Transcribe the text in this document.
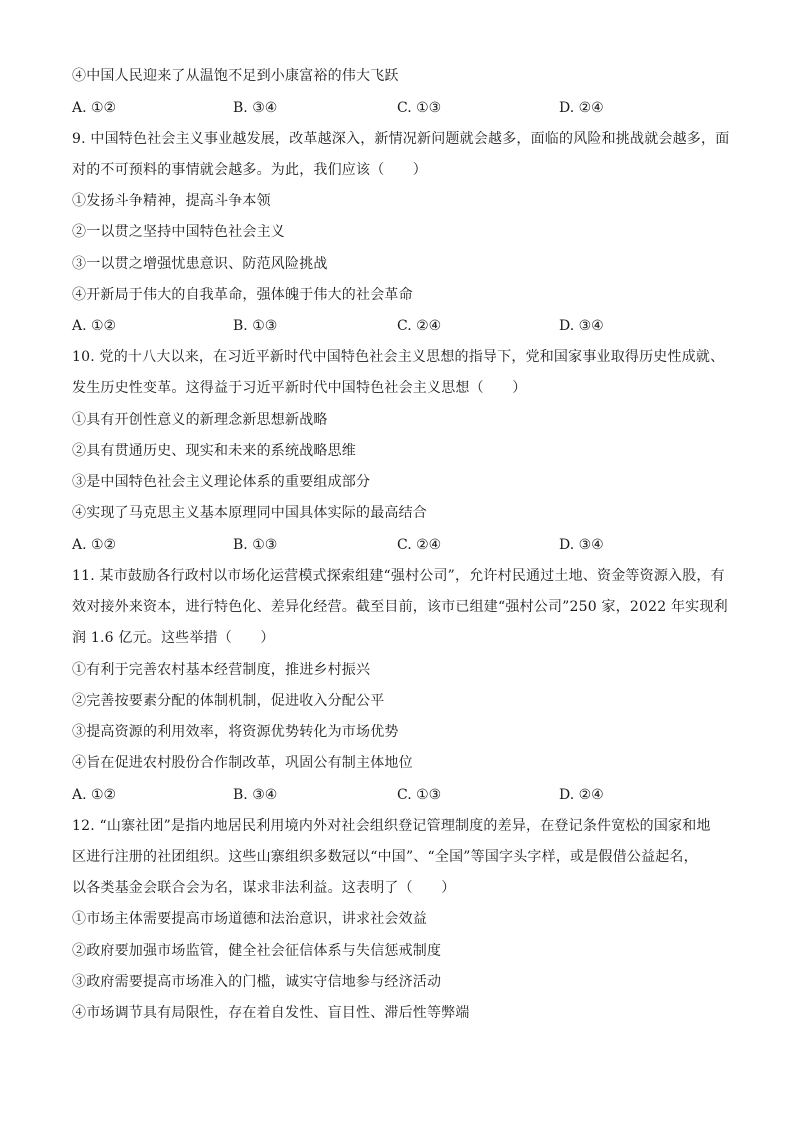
④中国人民迎来了从温饱不足到小康富裕的伟大飞跃
A. ①②	B. ③④	C. ①③	D. ②④
9. 中国特色社会主义事业越发展，改革越深入，新情况新问题就会越多，面临的风险和挑战就会越多，面
对的不可预料的事情就会越多。为此，我们应该（　　）
①发扬斗争精神，提高斗争本领
②一以贯之坚持中国特色社会主义
③一以贯之增强忧患意识、防范风险挑战
④开新局于伟大的自我革命，强体魄于伟大的社会革命
A. ①②	B. ①③	C. ②④	D. ③④
10. 党的十八大以来，在习近平新时代中国特色社会主义思想的指导下，党和国家事业取得历史性成就、
发生历史性变革。这得益于习近平新时代中国特色社会主义思想（　　）
①具有开创性意义的新理念新思想新战略
②具有贯通历史、现实和未来的系统战略思维
③是中国特色社会主义理论体系的重要组成部分
④实现了马克思主义基本原理同中国具体实际的最高结合
A. ①②	B. ①③	C. ②④	D. ③④
11. 某市鼓励各行政村以市场化运营模式探索组建“强村公司”，允许村民通过土地、资金等资源入股，有
效对接外来资本，进行特色化、差异化经营。截至目前，该市已组建“强村公司”250 家，2022 年实现利
润 1.6 亿元。这些举措（　　）
①有利于完善农村基本经营制度，推进乡村振兴
②完善按要素分配的体制机制，促进收入分配公平
③提高资源的利用效率，将资源优势转化为市场优势
④旨在促进农村股份合作制改革，巩固公有制主体地位
A. ①②	B. ③④	C. ①③	D. ②④
12. “山寨社团”是指内地居民利用境内外对社会组织登记管理制度的差异，在登记条件宽松的国家和地
区进行注册的社团组织。这些山寨组织多数冠以“中国”、“全国”等国字头字样，或是假借公益起名，
以各类基金会联合会为名，谋求非法利益。这表明了（　　）
①市场主体需要提高市场道德和法治意识，讲求社会效益
②政府要加强市场监管，健全社会征信体系与失信惩戒制度
③政府需要提高市场准入的门槛，诚实守信地参与经济活动
④市场调节具有局限性，存在着自发性、盲目性、滞后性等弊端
